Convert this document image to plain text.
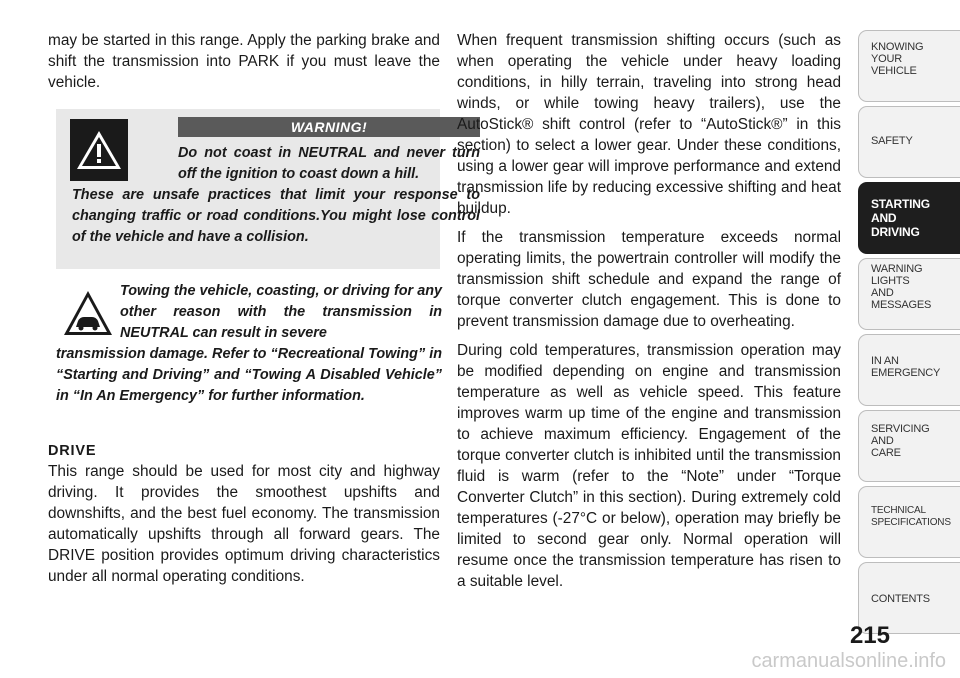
may be started in this range. Apply the parking brake and shift the transmission into PARK if you must leave the vehicle.

WARNING!
Do not coast in NEUTRAL and never turn off the ignition to coast down a hill.
These are unsafe practices that limit your response to changing traffic or road conditions.You might lose control of the vehicle and have a collision.
Towing the vehicle, coasting, or driving for any other reason with the transmission in NEUTRAL can result in severe
transmission damage. Refer to “Recreational Towing” in “Starting and Driving” and “Towing A Disabled Vehicle” in “In An Emergency” for further information.
DRIVE

This range should be used for most city and highway driving. It provides the smoothest upshifts and downshifts, and the best fuel economy. The transmission automatically upshifts through all forward gears. The DRIVE position provides optimum driving characteristics under all normal operating conditions.

When frequent transmission shifting occurs (such as when operating the vehicle under heavy loading conditions, in hilly terrain, traveling into strong head winds, or while towing heavy trailers), use the AutoStick® shift control (refer to “AutoStick®” in this section) to select a lower gear. Under these conditions, using a lower gear will improve performance and extend transmission life by reducing excessive shifting and heat buildup.

If the transmission temperature exceeds normal operating limits, the powertrain controller will modify the transmission shift schedule and expand the range of torque converter clutch engagement. This is done to prevent transmission damage due to overheating.

During cold temperatures, transmission operation may be modified depending on engine and transmission temperature as well as vehicle speed. This feature improves warm up time of the engine and transmission to achieve maximum efficiency. Engagement of the torque converter clutch is inhibited until the transmission fluid is warm (refer to the “Note” under “Torque Converter Clutch” in this section). During extremely cold temperatures (-27°C or below), operation may briefly be limited to second gear only. Normal operation will resume once the transmission temperature has risen to a suitable level.

KNOWING
YOUR
VEHICLE
SAFETY
STARTING
AND
DRIVING
WARNING
LIGHTS
AND
MESSAGES
IN AN
EMERGENCY
SERVICING
AND
CARE
TECHNICAL
SPECIFICATIONS
CONTENTS
215
carmanualsonline.info
